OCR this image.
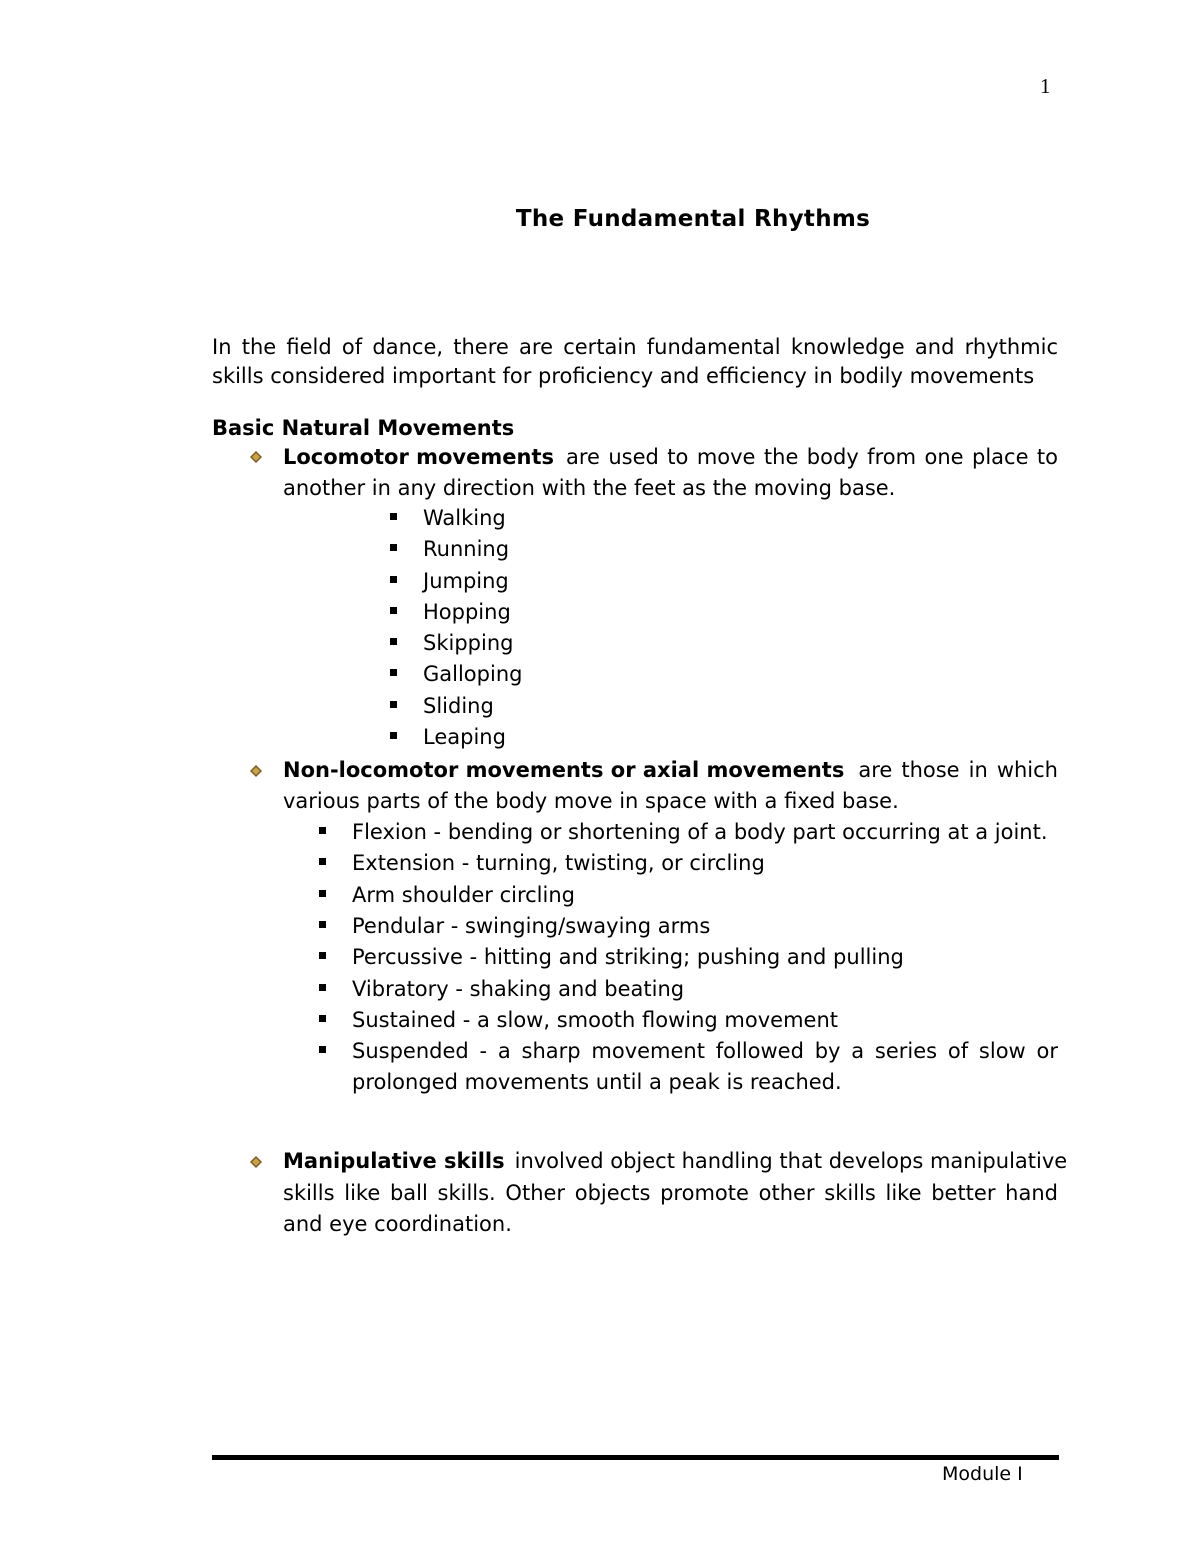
1
The Fundamental Rhythms
In the field of dance, there are certain fundamental knowledge and rhythmic
skills considered important for proficiency and efficiency in bodily movements
Basic Natural Movements
Locomotor movements are used to move the body from one place to
another in any direction with the feet as the moving base.
Walking
Running
Jumping
Hopping
Skipping
Galloping
Sliding
Leaping
Non-locomotor movements or axial movements are those in which
various parts of the body move in space with a fixed base.
Flexion - bending or shortening of a body part occurring at a joint.
Extension - turning, twisting, or circling
Arm shoulder circling
Pendular - swinging/swaying arms
Percussive - hitting and striking; pushing and pulling
Vibratory - shaking and beating
Sustained - a slow, smooth flowing movement
Suspended - a sharp movement followed by a series of slow or
prolonged movements until a peak is reached.
Manipulative skills involved object handling that develops manipulative
skills like ball skills. Other objects promote other skills like better hand
and eye coordination.
Module I
